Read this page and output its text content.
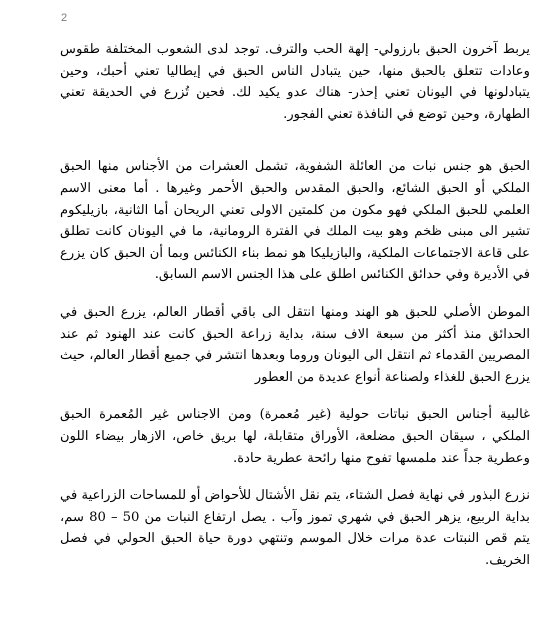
2

يربط آخرون الحبق بارزولي- إلهة الحب والترف. توجد لدى الشعوب المختلفة طقوس وعادات تتعلق بالحبق منها، حين يتبادل الناس الحبق في إيطاليا تعني أحبك، وحين يتبادلونها في اليونان تعني إحذر- هناك عدو يكيد لك. فحين تُزرع في الحديقة تعني الطهارة، وحين توضع في النافذة تعني الفجور.

الحبق هو جنس نبات من العائلة الشفوية، تشمل العشرات من الأجناس منها الحبق الملكي أو الحبق الشائع، والحبق المقدس والحبق الأحمر وغيرها . أما معنى الاسم العلمي للحبق الملكي فهو مكون من كلمتين الاولى تعني الريحان أما الثانية، بازيليكوم تشير الى مبنى ظخم وهو بيت الملك في الفترة الرومانية، ما في اليونان كانت تطلق على قاعة الاجتماعات الملكية، والبازيليكا هو نمط بناء الكنائس وبما أن الحبق كان يزرع في الأديرة وفي حدائق الكنائس اطلق على هذا الجنس الاسم السابق.

الموطن الأصلي للحبق هو الهند ومنها انتقل الى باقي أقطار العالم، يزرع الحبق في الحدائق منذ أكثر من سبعة الاف سنة، بداية زراعة الحبق كانت عند الهنود ثم عند المصريين القدماء ثم انتقل الى اليونان وروما وبعدها انتشر في جميع أقطار العالم، حيث يزرع الحبق للغذاء ولصناعة أنواع عديدة من العطور

غالبية أجناس الحبق نباتات حولية (غير مُعمرة) ومن الاجناس غير المُعمرة الحبق الملكي ، سيقان الحبق مضلعة، الأوراق متقابلة، لها بريق خاص، الازهار بيضاء اللون وعطرية جداً عند ملمسها تفوح منها رائحة عطرية حادة.

نزرع البذور في نهاية فصل الشتاء، يتم نقل الأشتال للأحواض أو للمساحات الزراعية في بداية الربيع، يزهر الحبق في شهري تموز وآب . يصل ارتفاع النبات من 50 – 80 سم، يتم قص النبتات عدة مرات خلال الموسم وتنتهي دورة حياة الحبق الحولي في فصل الخريف.
